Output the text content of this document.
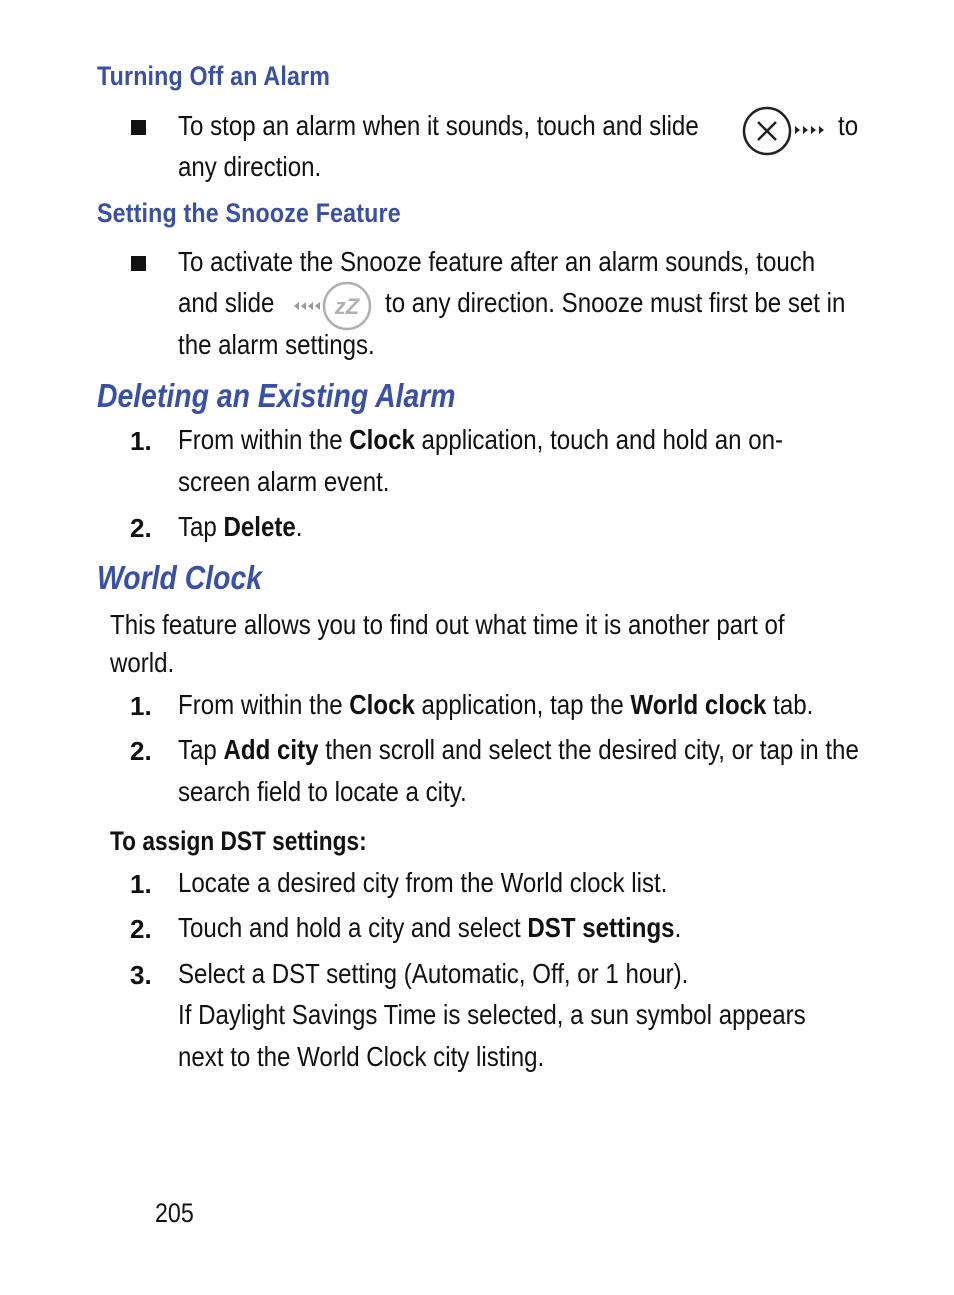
Turning Off an Alarm
To stop an alarm when it sounds, touch and slide	to
any direction.
Setting the Snooze Feature
To activate the Snooze feature after an alarm sounds, touch
and slide	zZ to any direction. Snooze must first be set in
the alarm settings.
Deleting an Existing Alarm
1. From within the Clock application, touch and hold an on-
screen alarm event.
2. Tap Delete.
World Clock
This feature allows you to find out what time it is another part of
world.
1. From within the Clock application, tap the World clock tab.
2. Tap Add city then scroll and select the desired city, or tap in the
search field to locate a city.
To assign DST settings:
1. Locate a desired city from the World clock list.
2. Touch and hold a city and select DST settings.
3. Select a DST setting (Automatic, Off, or 1 hour).
If Daylight Savings Time is selected, a sun symbol appears
next to the World Clock city listing.
205
